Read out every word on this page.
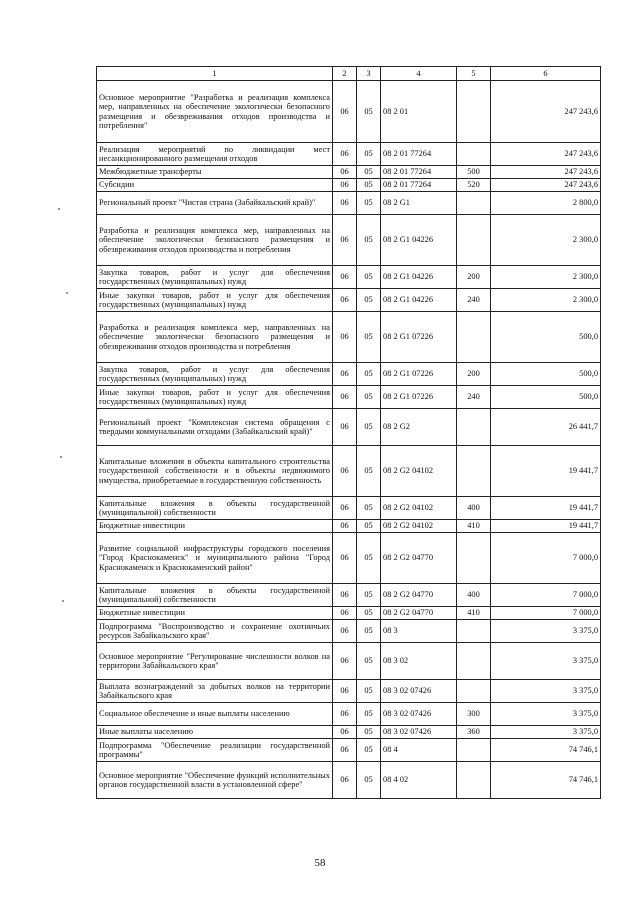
1	2	3	4	5	6
Основное мероприятие "Разработка и реализация комплекса мер, направленных на обеспечение экологически безопасного размещения и обезвреживания отходов производства и потребления"	06	05	08 2 01		247 243,6
Реализация мероприятий по ликвидации мест несанкционированного размещения отходов	06	05	08 2 01 77264		247 243,6
Межбюджетные трансферты	06	05	08 2 01 77264	500	247 243,6
Субсидии	06	05	08 2 01 77264	520	247 243,6
Региональный проект "Чистая страна (Забайкальский край)"	06	05	08 2 G1		2 800,0
Разработка и реализация комплекса мер, направленных на обеспечение экологически безопасного размещения и обезвреживания отходов производства и потребления	06	05	08 2 G1 04226		2 300,0
Закупка товаров, работ и услуг для обеспечения государственных (муниципальных) нужд	06	05	08 2 G1 04226	200	2 300,0
Иные закупки товаров, работ и услуг для обеспечения государственных (муниципальных) нужд	06	05	08 2 G1 04226	240	2 300,0
Разработка и реализация комплекса мер, направленных на обеспечение экологически безопасного размещения и обезвреживания отходов производства и потребления	06	05	08 2 G1 07226		500,0
Закупка товаров, работ и услуг для обеспечения государственных (муниципальных) нужд	06	05	08 2 G1 07226	200	500,0
Иные закупки товаров, работ и услуг для обеспечения государственных (муниципальных) нужд	06	05	08 2 G1 07226	240	500,0
Региональный проект "Комплексная система обращения с твердыми коммунальными отходами (Забайкальский край)"	06	05	08 2 G2		26 441,7
Капитальные вложения в объекты капитального строительства государственной собственности и в объекты недвижимого имущества, приобретаемые в государственную собственность	06	05	08 2 G2 04102		19 441,7
Капитальные вложения в объекты государственной (муниципальной) собственности	06	05	08 2 G2 04102	400	19 441,7
Бюджетные инвестиции	06	05	08 2 G2 04102	410	19 441,7
Развитие социальной инфраструктуры городского поселения "Город Краснокаменск" и муниципального района "Город Краснокаменск и Краснокаменский район"	06	05	08 2 G2 04770		7 000,0
Капитальные вложения в объекты государственной (муниципальной) собственности	06	05	08 2 G2 04770	400	7 000,0
Бюджетные инвестиции	06	05	08 2 G2 04770	410	7 000,0
Подпрограмма "Воспроизводство и сохранение охотничьих ресурсов Забайкальского края"	06	05	08 3		3 375,0
Основное мероприятие "Регулирование численности волков на территории Забайкальского края"	06	05	08 3 02		3 375,0
Выплата вознаграждений за добытых волков на территории Забайкальского края	06	05	08 3 02 07426		3 375,0
Социальное обеспечение и иные выплаты населению	06	05	08 3 02 07426	300	3 375,0
Иные выплаты населению	06	05	08 3 02 07426	360	3 375,0
Подпрограмма "Обеспечение реализации государственной программы"	06	05	08 4		74 746,1
Основное мероприятие "Обеспечение функций исполнительных органов государственной власти в установленной сфере"	06	05	08 4 02		74 746,1
58
